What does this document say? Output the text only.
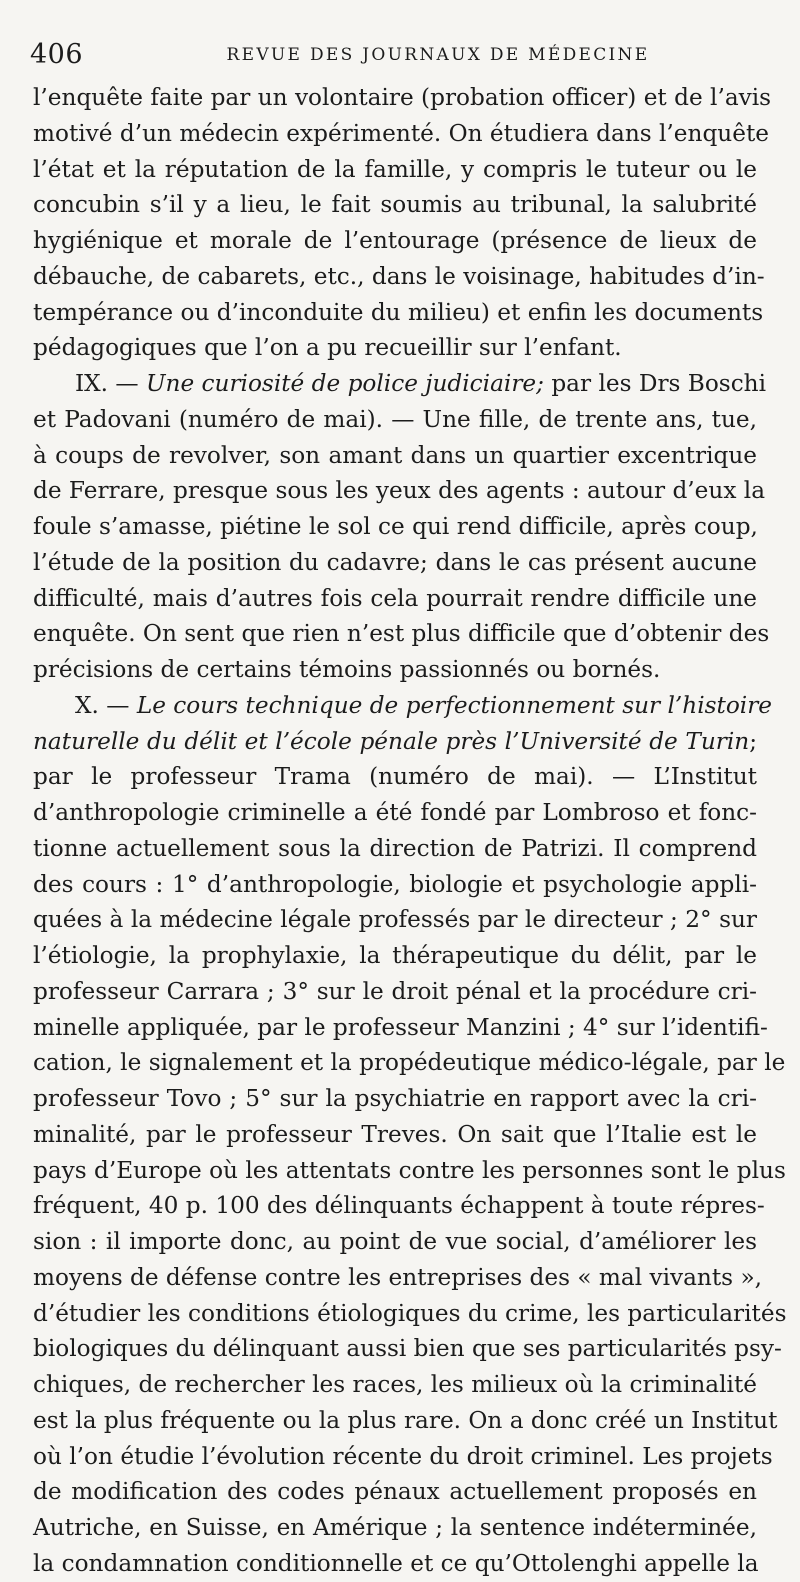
406	REVUE DES JOURNAUX DE MÉDECINE
l’enquête faite par un volontaire (probation officer) et de l’avis
motivé d’un médecin expérimenté. On étudiera dans l’enquête
l’état et la réputation de la famille, y compris le tuteur ou le
concubin s’il y a lieu, le fait soumis au tribunal, la salubrité
hygiénique et morale de l’entourage (présence de lieux de
débauche, de cabarets, etc., dans le voisinage, habitudes d’in-
tempérance ou d’inconduite du milieu) et enfin les documents
pédagogiques que l’on a pu recueillir sur l’enfant.
IX. — Une curiosité de police judiciaire; par les Drs Boschi
et Padovani (numéro de mai). — Une fille, de trente ans, tue,
à coups de revolver, son amant dans un quartier excentrique
de Ferrare, presque sous les yeux des agents : autour d’eux la
foule s’amasse, piétine le sol ce qui rend difficile, après coup,
l’étude de la position du cadavre; dans le cas présent aucune
difficulté, mais d’autres fois cela pourrait rendre difficile une
enquête. On sent que rien n’est plus difficile que d’obtenir des
précisions de certains témoins passionnés ou bornés.
X. — Le cours technique de perfectionnement sur l’histoire
naturelle du délit et l’école pénale près l’Université de Turin;
par le professeur Trama (numéro de mai). — L’Institut
d’anthropologie criminelle a été fondé par Lombroso et fonc-
tionne actuellement sous la direction de Patrizi. Il comprend
des cours : 1° d’anthropologie, biologie et psychologie appli-
quées à la médecine légale professés par le directeur ; 2° sur
l’étiologie, la prophylaxie, la thérapeutique du délit, par le
professeur Carrara ; 3° sur le droit pénal et la procédure cri-
minelle appliquée, par le professeur Manzini ; 4° sur l’identifi-
cation, le signalement et la propédeutique médico-légale, par le
professeur Tovo ; 5° sur la psychiatrie en rapport avec la cri-
minalité, par le professeur Treves. On sait que l’Italie est le
pays d’Europe où les attentats contre les personnes sont le plus
fréquent, 40 p. 100 des délinquants échappent à toute répres-
sion : il importe donc, au point de vue social, d’améliorer les
moyens de défense contre les entreprises des « mal vivants »,
d’étudier les conditions étiologiques du crime, les particularités
biologiques du délinquant aussi bien que ses particularités psy-
chiques, de rechercher les races, les milieux où la criminalité
est la plus fréquente ou la plus rare. On a donc créé un Institut
où l’on étudie l’évolution récente du droit criminel. Les projets
de modification des codes pénaux actuellement proposés en
Autriche, en Suisse, en Amérique ; la sentence indéterminée,
la condamnation conditionnelle et ce qu’Ottolenghi appelle la
